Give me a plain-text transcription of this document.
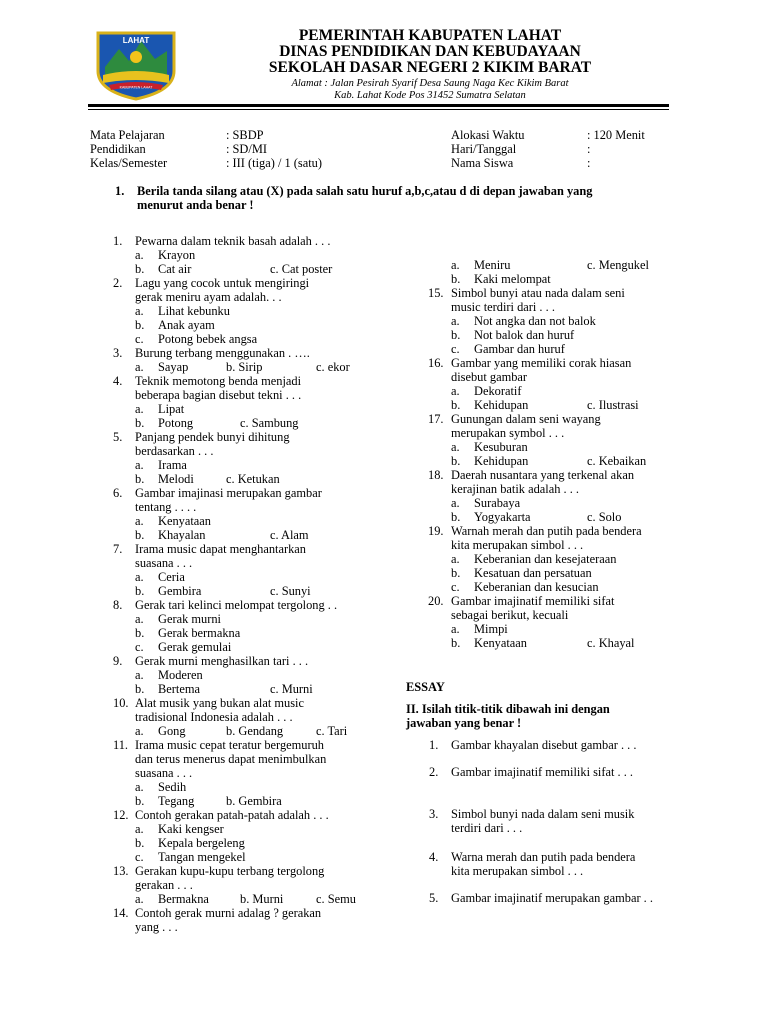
LAHAT
KABUPATEN LAHAT
PEMERINTAH KABUPATEN LAHAT
DINAS PENDIDIKAN DAN KEBUDAYAAN
SEKOLAH DASAR NEGERI 2 KIKIM BARAT
Alamat : Jalan Pesirah Syarif Desa Saung Naga Kec Kikim Barat
Kab. Lahat Kode Pos 31452 Sumatra Selatan
Mata Pelajaran	: SBDP
Pendidikan	: SD/MI
Kelas/Semester	: III (tiga) / 1 (satu)
Alokasi Waktu	: 120 Menit
Hari/Tanggal	:
Nama Siswa	:
1. Berila tanda silang atau (X) pada salah satu huruf a,b,c,atau d di depan jawaban yang
menurut anda benar !
1. Pewarna dalam teknik basah adalah . . .
a. Krayon
b. Cat air	c. Cat poster
2. Lagu yang cocok untuk mengiringi
gerak meniru ayam adalah. . .
a. Lihat kebunku
b. Anak ayam
c. Potong bebek angsa
3. Burung terbang menggunakan . ….
a. Sayap	b. Sirip	c. ekor
4. Teknik memotong benda menjadi
beberapa bagian disebut tekni . . .
a. Lipat
b. Potong	c. Sambung
5. Panjang pendek bunyi dihitung
berdasarkan . . .
a. Irama
b. Melodi	c. Ketukan
6. Gambar imajinasi merupakan gambar
tentang . . . .
a. Kenyataan
b. Khayalan	c. Alam
7. Irama music dapat menghantarkan
suasana . . .
a. Ceria
b. Gembira	c. Sunyi
8. Gerak tari kelinci melompat tergolong . .
a. Gerak murni
b. Gerak bermakna
c. Gerak gemulai
9. Gerak murni menghasilkan tari . . .
a. Moderen
b. Bertema	c. Murni
10. Alat musik yang bukan alat music
tradisional Indonesia adalah . . .
a. Gong	b. Gendang	c. Tari
11. Irama music cepat teratur bergemuruh
dan terus menerus dapat menimbulkan
suasana . . .
a. Sedih
b. Tegang	b. Gembira
12. Contoh gerakan patah-patah adalah . . .
a. Kaki kengser
b. Kepala bergeleng
c. Tangan mengekel
13. Gerakan kupu-kupu terbang tergolong
gerakan . . .
a. Bermakna	b. Murni	c. Semu
14. Contoh gerak murni adalag ? gerakan
yang . . .
a. Meniru	c. Mengukel
b. Kaki melompat
15. Simbol bunyi atau nada dalam seni
music terdiri dari . . .
a. Not angka dan not balok
b. Not balok dan huruf
c. Gambar dan huruf
16. Gambar yang memiliki corak hiasan
disebut gambar
a. Dekoratif
b. Kehidupan	c. Ilustrasi
17. Gunungan dalam seni wayang
merupakan symbol . . .
a. Kesuburan
b. Kehidupan	c. Kebaikan
18. Daerah nusantara yang terkenal akan
kerajinan batik adalah . . .
a. Surabaya
b. Yogyakarta	c. Solo
19. Warnah merah dan putih pada bendera
kita merupakan simbol . . .
a. Keberanian dan kesejateraan
b. Kesatuan dan persatuan
c. Keberanian dan kesucian
20. Gambar imajinatif memiliki sifat
sebagai berikut, kecuali
a. Mimpi
b. Kenyataan	c. Khayal
ESSAY
II. Isilah titik-titik dibawah ini dengan
jawaban yang benar !
1. Gambar khayalan disebut gambar . . .
2. Gambar imajinatif memiliki sifat . . .
3. Simbol bunyi nada dalam seni musik
terdiri dari . . .
4. Warna merah dan putih pada bendera
kita merupakan simbol . . .
5. Gambar imajinatif merupakan gambar . .
